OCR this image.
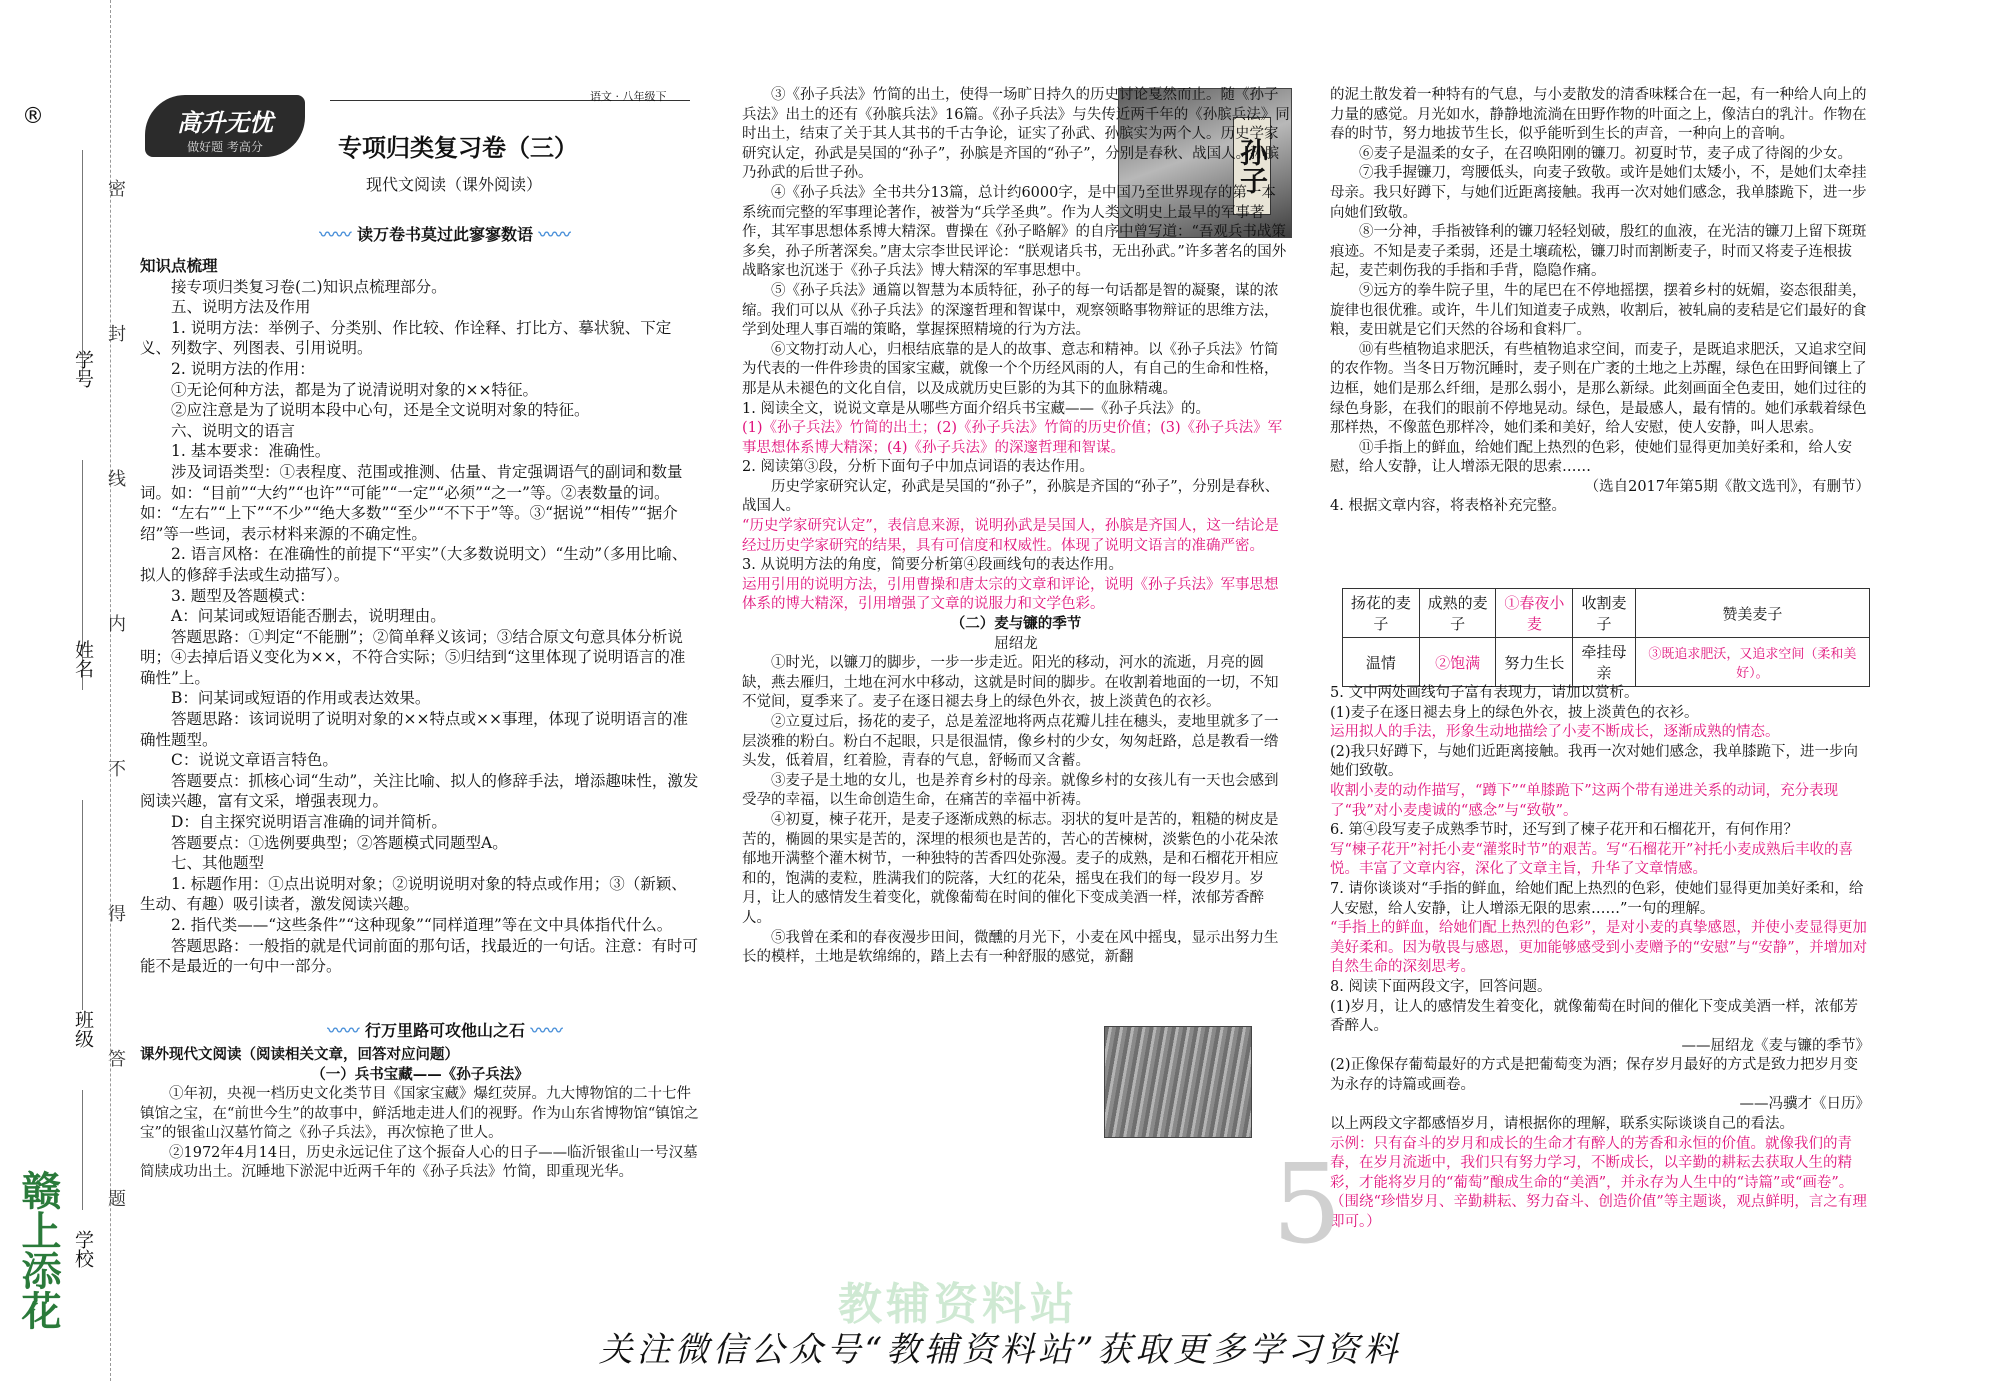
®
学号
姓名
班级
学校
密
封
线
内
不
得
答
题
赣上添花
高升无忧
做好题 考高分
语文 · 八年级下
专项归类复习卷（三）
现代文阅读（课外阅读）
〰〰 读万卷书莫过此寥寥数语 〰〰

知识点梳理

接专项归类复习卷(二)知识点梳理部分。

五、说明方法及作用

1. 说明方法：举例子、分类别、作比较、作诠释、打比方、摹状貌、下定义、列数字、列图表、引用说明。

2. 说明方法的作用：

①无论何种方法，都是为了说清说明对象的××特征。

②应注意是为了说明本段中心句，还是全文说明对象的特征。

六、说明文的语言

1. 基本要求：准确性。

涉及词语类型：①表程度、范围或推测、估量、肯定强调语气的副词和数量词。如：“目前”“大约”“也许”“可能”“一定”“必须”“之一”等。②表数量的词。如：“左右”“上下”“不少”“绝大多数”“至少”“不下于”等。③“据说”“相传”“据介绍”等一些词，表示材料来源的不确定性。

2. 语言风格：在准确性的前提下“平实”（大多数说明文）“生动”（多用比喻、拟人的修辞手法或生动描写）。

3. 题型及答题模式：

A：问某词或短语能否删去，说明理由。

答题思路：①判定“不能删”；②简单释义该词；③结合原文句意具体分析说明；④去掉后语义变化为××，不符合实际；⑤归结到“这里体现了说明语言的准确性”上。

B：问某词或短语的作用或表达效果。

答题思路：该词说明了说明对象的××特点或××事理，体现了说明语言的准确性题型。

C：说说文章语言特色。

答题要点：抓核心词“生动”，关注比喻、拟人的修辞手法，增添趣味性，激发阅读兴趣，富有文采，增强表现力。

D：自主探究说明语言准确的词并简析。

答题要点：①选例要典型；②答题模式同题型A。

七、其他题型

1. 标题作用：①点出说明对象；②说明说明对象的特点或作用；③（新颖、生动、有趣）吸引读者，激发阅读兴趣。

2. 指代类——“这些条件”“这种现象”“同样道理”等在文中具体指代什么。

答题思路：一般指的就是代词前面的那句话，找最近的一句话。注意：有时可能不是最近的一句中一部分。

〰〰 行万里路可攻他山之石 〰〰

课外现代文阅读（阅读相关文章，回答对应问题）

（一）兵书宝藏——《孙子兵法》

①年初，央视一档历史文化类节目《国家宝藏》爆红荧屏。九大博物馆的二十七件镇馆之宝，在“前世今生”的故事中，鲜活地走进人们的视野。作为山东省博物馆“镇馆之宝”的银雀山汉墓竹简之《孙子兵法》，再次惊艳了世人。

②1972年4月14日，历史永远记住了这个振奋人心的日子——临沂银雀山一号汉墓简牍成功出土。沉睡地下淤泥中近两千年的《孙子兵法》竹简，即重现光华。

孙子

③《孙子兵法》竹简的出土，使得一场旷日持久的历史讨论戛然而止。随《孙子兵法》出土的还有《孙膑兵法》16篇。《孙子兵法》与失传近两千年的《孙膑兵法》同时出土，结束了关于其人其书的千古争论，证实了孙武、孙膑实为两个人。历史学家研究认定，孙武是吴国的“孙子”，孙膑是齐国的“孙子”，分别是春秋、战国人。孙膑乃孙武的后世子孙。

④《孙子兵法》全书共分13篇，总计约6000字，是中国乃至世界现存的第一本系统而完整的军事理论著作，被誉为“兵学圣典”。作为人类文明史上最早的军事著作，其军事思想体系博大精深。曹操在《孙子略解》的自序中曾写道：“吾观兵书战策多矣，孙子所著深矣。”唐太宗李世民评论：“朕观诸兵书，无出孙武。”许多著名的国外战略家也沉迷于《孙子兵法》博大精深的军事思想中。

⑤《孙子兵法》通篇以智慧为本质特征，孙子的每一句话都是智的凝聚，谋的浓缩。我们可以从《孙子兵法》的深邃哲理和智谋中，观察领略事物辩证的思维方法，学到处理人事百端的策略，掌握探照精境的行为方法。

⑥文物打动人心，归根结底靠的是人的故事、意志和精神。以《孙子兵法》竹简为代表的一件件珍贵的国家宝藏，就像一个个历经风雨的人，有自己的生命和性格，那是从未褪色的文化自信，以及成就历史巨影的为其下的血脉精魂。

1. 阅读全文，说说文章是从哪些方面介绍兵书宝藏——《孙子兵法》的。

(1)《孙子兵法》竹简的出土；(2)《孙子兵法》竹简的历史价值；(3)《孙子兵法》军事思想体系博大精深；(4)《孙子兵法》的深邃哲理和智谋。

2. 阅读第③段，分析下面句子中加点词语的表达作用。

历史学家研究认定，孙武是吴国的“孙子”，孙膑是齐国的“孙子”，分别是春秋、战国人。

“历史学家研究认定”，表信息来源，说明孙武是吴国人，孙膑是齐国人，这一结论是经过历史学家研究的结果，具有可信度和权威性。体现了说明文语言的准确严密。

3. 从说明方法的角度，简要分析第④段画线句的表达作用。

运用引用的说明方法，引用曹操和唐太宗的文章和评论，说明《孙子兵法》军事思想体系的博大精深，引用增强了文章的说服力和文学色彩。

（二）麦与镰的季节

屈绍龙

①时光，以镰刀的脚步，一步一步走近。阳光的移动，河水的流逝，月亮的圆缺，燕去雁归，土地在河水中移动，这就是时间的脚步。在收割着地面的一切，不知不觉间，夏季来了。麦子在逐日褪去身上的绿色外衣，披上淡黄色的衣衫。

②立夏过后，扬花的麦子，总是羞涩地将两点花瓣儿挂在穗头，麦地里就多了一层淡雅的粉白。粉白不起眼，只是很温情，像乡村的少女，匆匆赶路，总是教看一绺头发，低着眉，红着脸，青春的气息，舒畅而又含蓄。

③麦子是土地的女儿，也是养育乡村的母亲。就像乡村的女孩儿有一天也会感到受孕的幸福，以生命创造生命，在痛苦的幸福中祈祷。

④初夏，楝子花开，是麦子逐渐成熟的标志。羽状的复叶是苦的，粗糙的树皮是苦的，椭圆的果实是苦的，深埋的根须也是苦的，苦心的苦楝树，淡紫色的小花朵浓郁地开满整个灌木树节，一种独特的苦香四处弥漫。麦子的成熟，是和石榴花开相应和的，饱满的麦粒，胜满我们的院落，大红的花朵，摇曳在我们的每一段岁月。岁月，让人的感情发生着变化，就像葡萄在时间的催化下变成美酒一样，浓郁芳香醉人。

⑤我曾在柔和的春夜漫步田间，微醺的月光下，小麦在风中摇曳，显示出努力生长的模样，土地是软绵绵的，踏上去有一种舒服的感觉，新翻

的泥土散发着一种特有的气息，与小麦散发的清香味糅合在一起，有一种给人向上的力量的感觉。月光如水，静静地流淌在田野作物的叶面之上，像洁白的乳汁。作物在春的时节，努力地拔节生长，似乎能听到生长的声音，一种向上的音响。

⑥麦子是温柔的女子，在召唤阳刚的镰刀。初夏时节，麦子成了待阁的少女。

⑦我手握镰刀，弯腰低头，向麦子致敬。或许是她们太矮小，不，是她们太牵挂母亲。我只好蹲下，与她们近距离接触。我再一次对她们感念，我单膝跪下，进一步向她们致敬。

⑧一分神，手指被锋利的镰刀轻轻划破，殷红的血液，在光洁的镰刀上留下斑斑痕迹。不知是麦子柔弱，还是土壤疏松，镰刀时而割断麦子，时而又将麦子连根拔起，麦芒刺伤我的手指和手背，隐隐作痛。

⑨远方的拳牛院子里，牛的尾巴在不停地摇摆，摆着乡村的妩媚，姿态很甜美，旋律也很优雅。或许，牛儿们知道麦子成熟，收割后，被轧扁的麦秸是它们最好的食粮，麦田就是它们天然的谷场和食料厂。

⑩有些植物追求肥沃，有些植物追求空间，而麦子，是既追求肥沃，又追求空间的农作物。当冬日万物沉睡时，麦子则在广袤的土地之上苏醒，绿色在田野间镶上了边框，她们是那么纤细，是那么弱小，是那么新绿。此刻画面全色麦田，她们过往的绿色身影，在我们的眼前不停地晃动。绿色，是最感人，最有情的。她们承载着绿色那样热，不像蓝色那样冷，她们柔和美好，给人安慰，使人安静，叫人思索。

⑪手指上的鲜血，给她们配上热烈的色彩，使她们显得更加美好柔和，给人安慰，给人安静，让人增添无限的思索……

（选自2017年第5期《散文选刊》，有删节）

4. 根据文章内容，将表格补充完整。

扬花的麦子	成熟的麦子	①春夜小麦	收割麦子	赞美麦子
温情	②饱满	努力生长	牵挂母亲	③既追求肥沃，又追求空间（柔和美好）。

5. 文中两处画线句子富有表现力，请加以赏析。

(1)麦子在逐日褪去身上的绿色外衣，披上淡黄色的衣衫。

运用拟人的手法，形象生动地描绘了小麦不断成长，逐渐成熟的情态。

(2)我只好蹲下，与她们近距离接触。我再一次对她们感念，我单膝跪下，进一步向她们致敬。

收割小麦的动作描写，“蹲下”“单膝跪下”这两个带有递进关系的动词，充分表现了“我”对小麦虔诚的“感念”与“致敬”。

6. 第④段写麦子成熟季节时，还写到了楝子花开和石榴花开，有何作用？

写“楝子花开”衬托小麦“灌浆时节”的艰苦。写“石榴花开”衬托小麦成熟后丰收的喜悦。丰富了文章内容，深化了文章主旨，升华了文章情感。

7. 请你谈谈对“手指的鲜血，给她们配上热烈的色彩，使她们显得更加美好柔和，给人安慰，给人安静，让人增添无限的思索……”一句的理解。

“手指上的鲜血，给她们配上热烈的色彩”，是对小麦的真挚感恩，并使小麦显得更加美好柔和。因为敬畏与感恩，更加能够感受到小麦赠予的“安慰”与“安静”，并增加对自然生命的深刻思考。

8. 阅读下面两段文字，回答问题。

(1)岁月，让人的感情发生着变化，就像葡萄在时间的催化下变成美酒一样，浓郁芳香醉人。

——屈绍龙《麦与镰的季节》

(2)正像保存葡萄最好的方式是把葡萄变为酒；保存岁月最好的方式是致力把岁月变为永存的诗篇或画卷。

——冯骥才《日历》

以上两段文字都感悟岁月，请根据你的理解，联系实际谈谈自己的看法。

示例：只有奋斗的岁月和成长的生命才有醉人的芳香和永恒的价值。就像我们的青春，在岁月流逝中，我们只有努力学习，不断成长，以辛勤的耕耘去获取人生的精彩，才能将岁月的“葡萄”酿成生命的“美酒”，并永存为人生中的“诗篇”或“画卷”。（围绕“珍惜岁月、辛勤耕耘、努力奋斗、创造价值”等主题谈，观点鲜明，言之有理即可。）

5
教辅资料站
关注微信公众号“教辅资料站”获取更多学习资料
